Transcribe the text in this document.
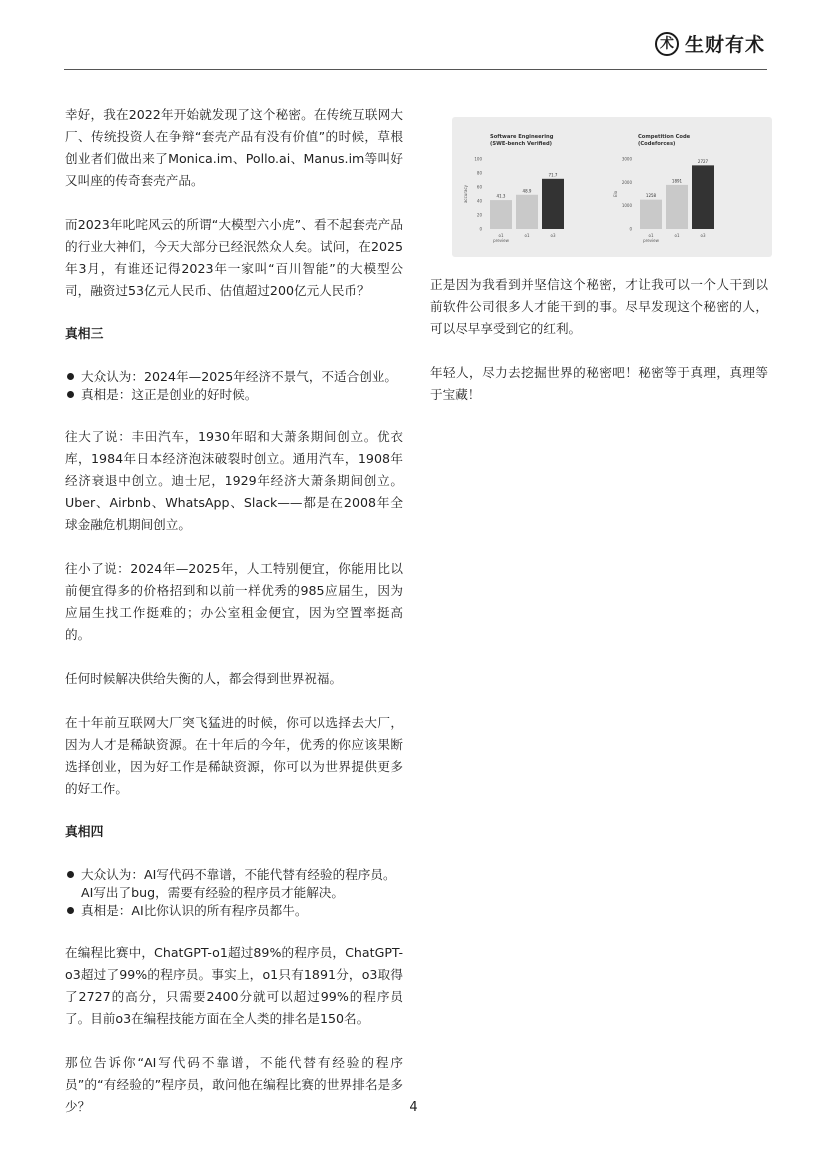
术 生财有术

幸好，我在2022年开始就发现了这个秘密。在传统互联网大厂、传统投资人在争辩“套壳产品有没有价值”的时候，草根创业者们做出来了Monica.im、Pollo.ai、Manus.im等叫好又叫座的传奇套壳产品。

而2023年叱咤风云的所谓“大模型六小虎”、看不起套壳产品的行业大神们，今天大部分已经泯然众人矣。试问，在2025年3月，有谁还记得2023年一家叫“百川智能”的大模型公司，融资过53亿元人民币、估值超过200亿元人民币？

真相三
大众认为：2024年—2025年经济不景气，不适合创业。
真相是：这正是创业的好时候。

往大了说：丰田汽车，1930年昭和大萧条期间创立。优衣库，1984年日本经济泡沫破裂时创立。通用汽车，1908年经济衰退中创立。迪士尼，1929年经济大萧条期间创立。Uber、Airbnb、WhatsApp、Slack——都是在2008年全球金融危机期间创立。

往小了说：2024年—2025年，人工特别便宜，你能用比以前便宜得多的价格招到和以前一样优秀的985应届生，因为应届生找工作挺难的；办公室租金便宜，因为空置率挺高的。

任何时候解决供给失衡的人，都会得到世界祝福。

在十年前互联网大厂突飞猛进的时候，你可以选择去大厂，因为人才是稀缺资源。在十年后的今年，优秀的你应该果断选择创业，因为好工作是稀缺资源，你可以为世界提供更多的好工作。

真相四
大众认为：AI写代码不靠谱，不能代替有经验的程序员。AI写出了bug，需要有经验的程序员才能解决。
真相是：AI比你认识的所有程序员都牛。

在编程比赛中，ChatGPT-o1超过89%的程序员，ChatGPT-o3超过了99%的程序员。事实上，o1只有1891分，o3取得了2727的高分，只需要2400分就可以超过99%的程序员了。目前o3在编程技能方面在全人类的排名是150名。

那位告诉你“AI写代码不靠谱，不能代替有经验的程序员”的“有经验的”程序员，敢问他在编程比赛的世界排名是多少？

Software Engineering
(SWE-bench Verified)
0
20
40
60
80
100
accuracy	41.3
o1
preview
48.9
o1
71.7
o3
Competition Code
(Codeforces)
0
1000
2000
3000
Elo	1258
o1
preview
1891
o1
2727
o3

正是因为我看到并坚信这个秘密，才让我可以一个人干到以前软件公司很多人才能干到的事。尽早发现这个秘密的人，可以尽早享受到它的红利。

年轻人，尽力去挖掘世界的秘密吧！秘密等于真理，真理等于宝藏！

4
